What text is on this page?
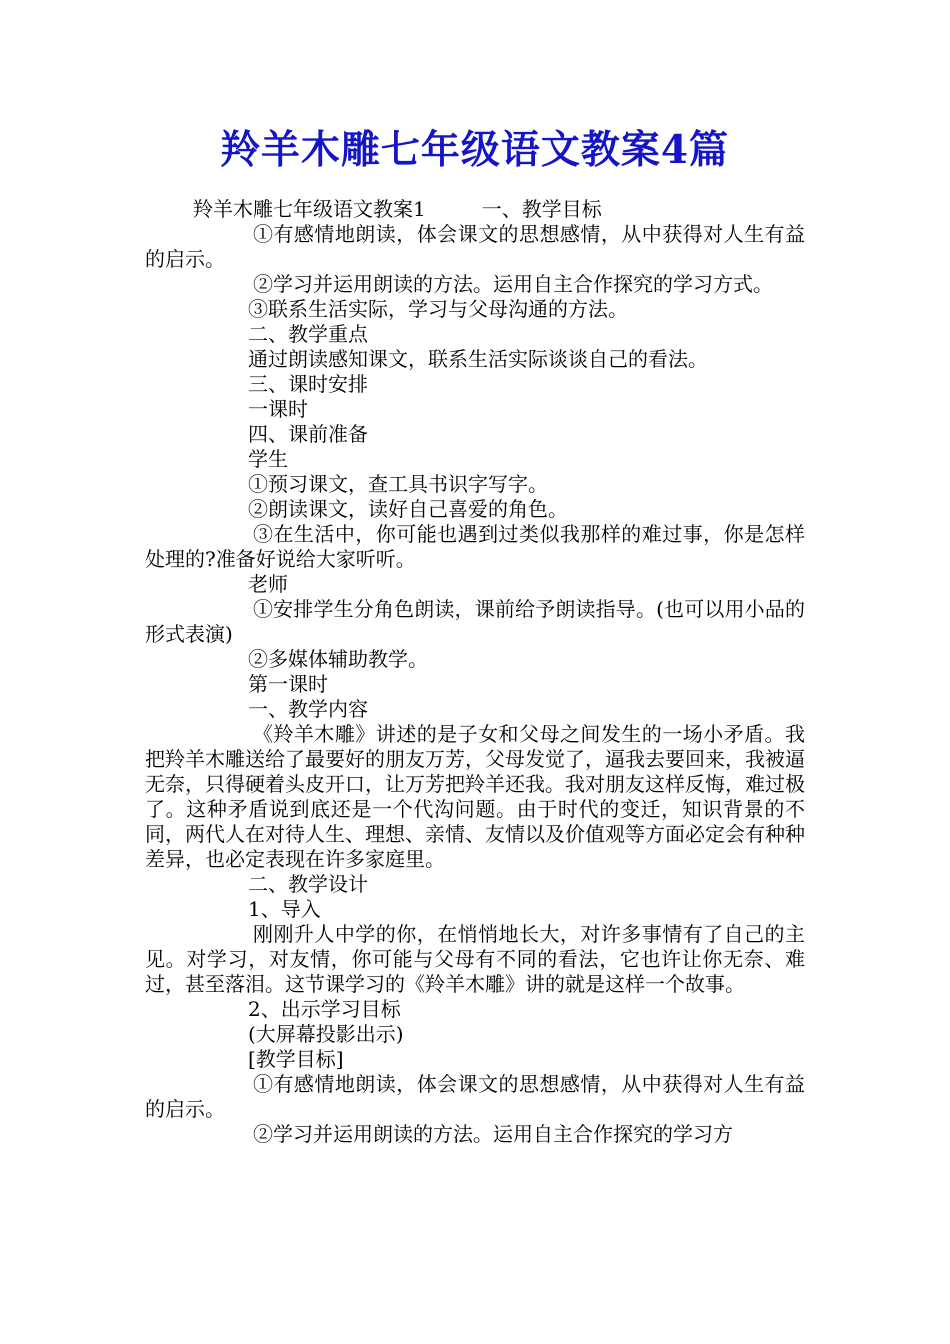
羚羊木雕七年级语文教案4篇

羚羊木雕七年级语文教案1	一、教学目标

①有感情地朗读，体会课文的思想感情，从中获得对人生有益的启示。

②学习并运用朗读的方法。运用自主合作探究的学习方式。

③联系生活实际，学习与父母沟通的方法。

二、教学重点

通过朗读感知课文，联系生活实际谈谈自己的看法。

三、课时安排

一课时

四、课前准备

学生

①预习课文，查工具书识字写字。

②朗读课文，读好自己喜爱的角色。

③在生活中，你可能也遇到过类似我那样的难过事，你是怎样处理的?准备好说给大家听听。

老师

①安排学生分角色朗读，课前给予朗读指导。(也可以用小品的形式表演)

②多媒体辅助教学。

第一课时

一、教学内容

《羚羊木雕》讲述的是子女和父母之间发生的一场小矛盾。我把羚羊木雕送给了最要好的朋友万芳，父母发觉了，逼我去要回来，我被逼无奈，只得硬着头皮开口，让万芳把羚羊还我。我对朋友这样反悔，难过极了。这种矛盾说到底还是一个代沟问题。由于时代的变迁，知识背景的不同，两代人在对待人生、理想、亲情、友情以及价值观等方面必定会有种种差异，也必定表现在许多家庭里。

二、教学设计

1、导入

刚刚升人中学的你，在悄悄地长大，对许多事情有了自己的主见。对学习，对友情，你可能与父母有不同的看法，它也许让你无奈、难过，甚至落泪。这节课学习的《羚羊木雕》讲的就是这样一个故事。

2、出示学习目标

(大屏幕投影出示)

[教学目标]

①有感情地朗读，体会课文的思想感情，从中获得对人生有益的启示。

②学习并运用朗读的方法。运用自主合作探究的学习方
